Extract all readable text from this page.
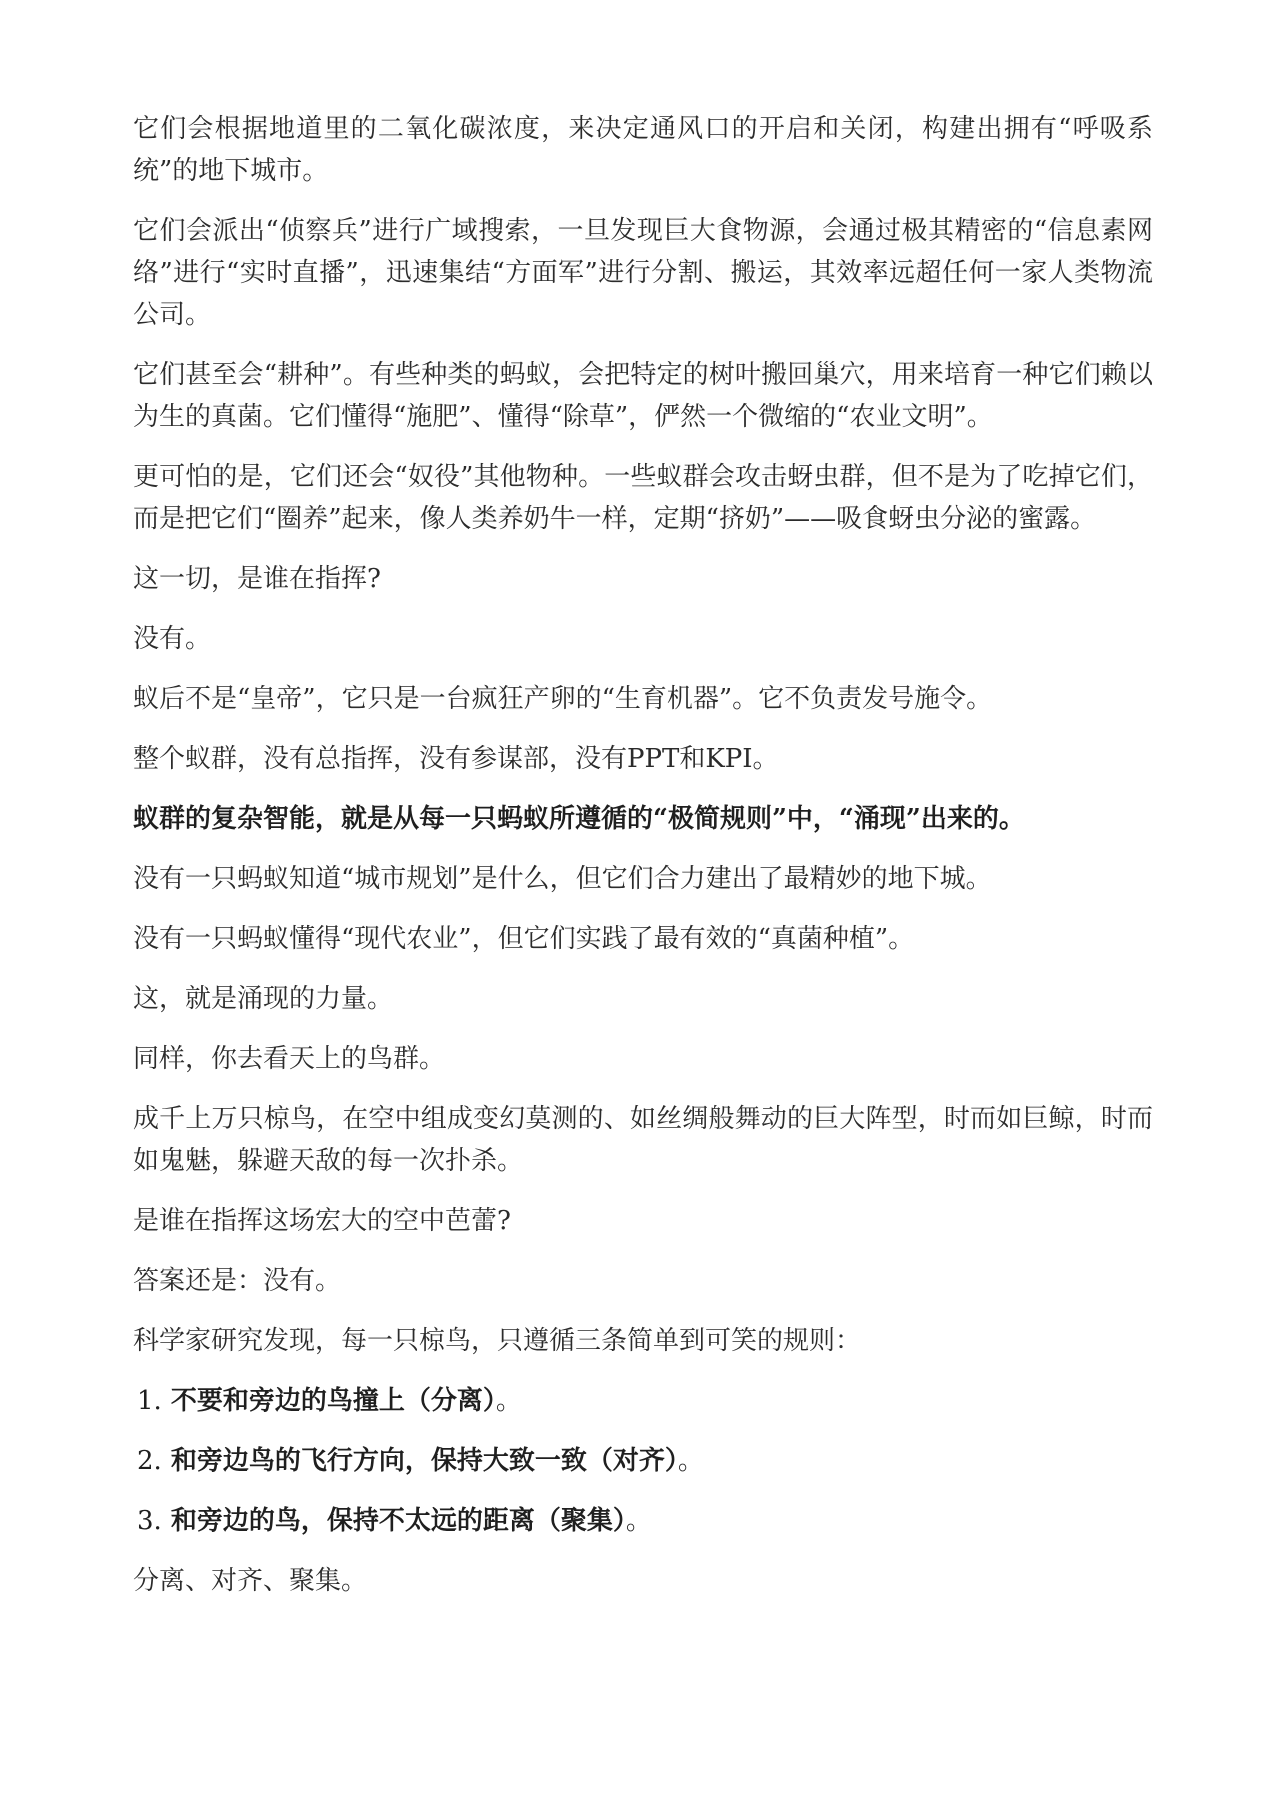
它们会根据地道里的二氧化碳浓度，来决定通风口的开启和关闭，构建出拥有“呼吸系统”的地下城市。

它们会派出“侦察兵”进行广域搜索，一旦发现巨大食物源，会通过极其精密的“信息素网络”进行“实时直播”，迅速集结“方面军”进行分割、搬运，其效率远超任何一家人类物流公司。

它们甚至会“耕种”。有些种类的蚂蚁，会把特定的树叶搬回巢穴，用来培育一种它们赖以为生的真菌。它们懂得“施肥”、懂得“除草”，俨然一个微缩的“农业文明”。

更可怕的是，它们还会“奴役”其他物种。一些蚁群会攻击蚜虫群，但不是为了吃掉它们，而是把它们“圈养”起来，像人类养奶牛一样，定期“挤奶”——吸食蚜虫分泌的蜜露。

这一切，是谁在指挥?

没有。

蚁后不是“皇帝”，它只是一台疯狂产卵的“生育机器”。它不负责发号施令。

整个蚁群，没有总指挥，没有参谋部，没有PPT和KPI。

蚁群的复杂智能，就是从每一只蚂蚁所遵循的“极简规则”中，“涌现”出来的。

没有一只蚂蚁知道“城市规划”是什么，但它们合力建出了最精妙的地下城。

没有一只蚂蚁懂得“现代农业”，但它们实践了最有效的“真菌种植”。

这，就是涌现的力量。

同样，你去看天上的鸟群。

成千上万只椋鸟，在空中组成变幻莫测的、如丝绸般舞动的巨大阵型，时而如巨鲸，时而如鬼魅，躲避天敌的每一次扑杀。

是谁在指挥这场宏大的空中芭蕾?

答案还是：没有。

科学家研究发现，每一只椋鸟，只遵循三条简单到可笑的规则：

1. 不要和旁边的鸟撞上（分离）。
2. 和旁边鸟的飞行方向，保持大致一致（对齐）。
3. 和旁边的鸟，保持不太远的距离（聚集）。

分离、对齐、聚集。
